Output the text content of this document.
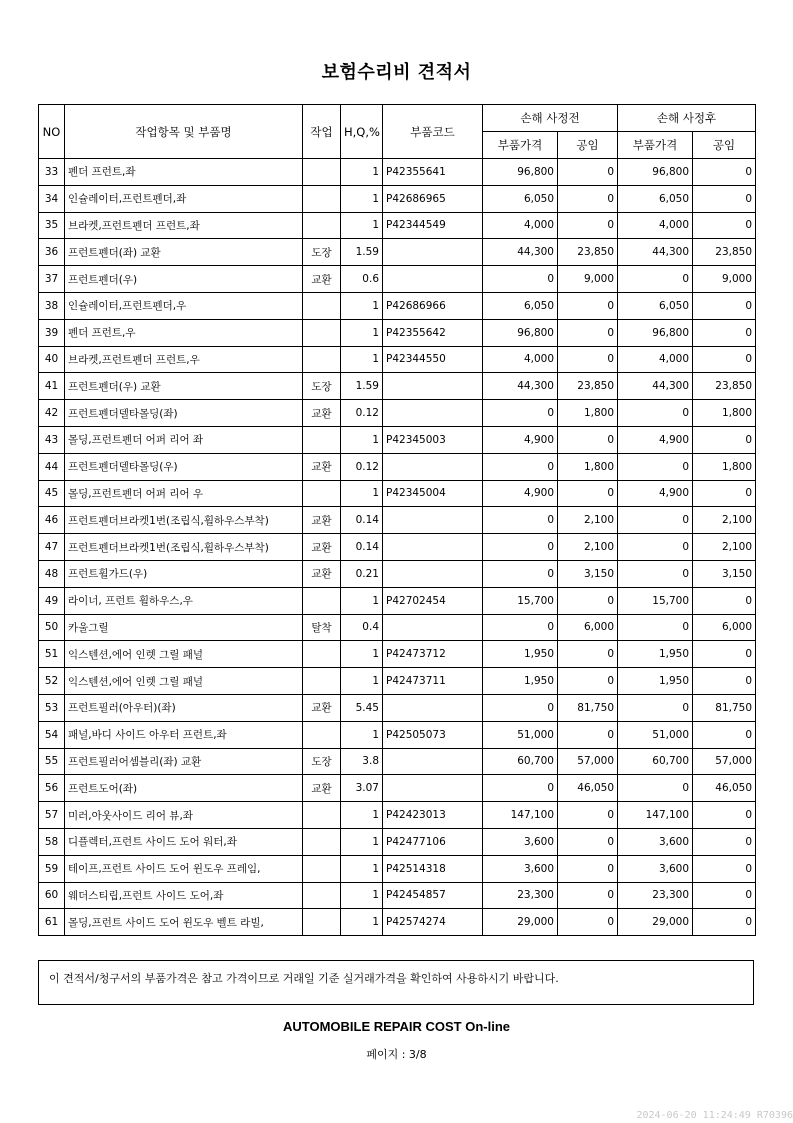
보험수리비 견적서
NO	작업항목 및 부품명	작업	H,Q,%	부품코드	손해 사정전		손해 사정후	
					부품가격	공임	부품가격	공임
33	펜더 프런트,좌		1	P42355641	96,800	0	96,800	0
34	인슐레이터,프런트펜더,좌		1	P42686965	6,050	0	6,050	0
35	브라켓,프런트펜더 프런트,좌		1	P42344549	4,000	0	4,000	0
36	프런트펜더(좌) 교환	도장	1.59		44,300	23,850	44,300	23,850
37	프런트펜더(우)	교환	0.6		0	9,000	0	9,000
38	인슐레이터,프런트펜더,우		1	P42686966	6,050	0	6,050	0
39	펜더 프런트,우		1	P42355642	96,800	0	96,800	0
40	브라켓,프런트펜더 프런트,우		1	P42344550	4,000	0	4,000	0
41	프런트펜더(우) 교환	도장	1.59		44,300	23,850	44,300	23,850
42	프런트펜더델타몰딩(좌)	교환	0.12		0	1,800	0	1,800
43	몰딩,프런트펜더 어퍼 리어 좌		1	P42345003	4,900	0	4,900	0
44	프런트펜더델타몰딩(우)	교환	0.12		0	1,800	0	1,800
45	몰딩,프런트펜더 어퍼 리어 우		1	P42345004	4,900	0	4,900	0
46	프런트펜더브라켓1번(조립식,휠하우스부착)	교환	0.14		0	2,100	0	2,100
47	프런트펜더브라켓1번(조립식,휠하우스부착)	교환	0.14		0	2,100	0	2,100
48	프런트휠가드(우)	교환	0.21		0	3,150	0	3,150
49	라이너, 프런트 휠하우스,우		1	P42702454	15,700	0	15,700	0
50	카울그릴	탈착	0.4		0	6,000	0	6,000
51	익스텐션,에어 인렛 그릴 패널		1	P42473712	1,950	0	1,950	0
52	익스텐션,에어 인렛 그릴 패널		1	P42473711	1,950	0	1,950	0
53	프런트필러(아우터)(좌)	교환	5.45		0	81,750	0	81,750
54	패널,바디 사이드 아우터 프런트,좌		1	P42505073	51,000	0	51,000	0
55	프런트필러어셈블리(좌) 교환	도장	3.8		60,700	57,000	60,700	57,000
56	프런트도어(좌)	교환	3.07		0	46,050	0	46,050
57	미러,아웃사이드 리어 뷰,좌		1	P42423013	147,100	0	147,100	0
58	디플렉터,프런트 사이드 도어 워터,좌		1	P42477106	3,600	0	3,600	0
59	테이프,프런트 사이드 도어 윈도우 프레임,		1	P42514318	3,600	0	3,600	0
60	웨더스티립,프런트 사이드 도어,좌		1	P42454857	23,300	0	23,300	0
61	몰딩,프런트 사이드 도어 윈도우 벨트 라빌,		1	P42574274	29,000	0	29,000	0
이 견적서/청구서의 부품가격은 참고 가격이므로 거래일 기준 실거래가격을 확인하여 사용하시기 바랍니다.
AUTOMOBILE REPAIR COST On-line
페이지 : 3/8
2024-06-20 11:24:49 R70396
